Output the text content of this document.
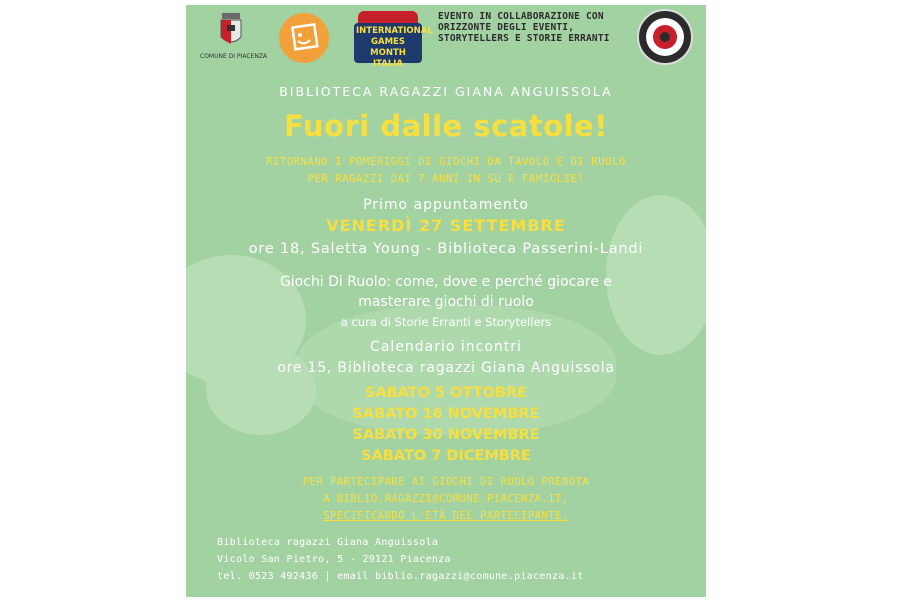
COMUNE DI PIACENZA
INTERNATIONAL GAMES MONTH ITALIA
EVENTO IN COLLABORAZIONE CON ORIZZONTE DEGLI EVENTI, STORYTELLERS E STORIE ERRANTI
BIBLIOTECA RAGAZZI GIANA ANGUISSOLA
Fuori dalle scatole!
RITORNANO I POMERIGGI DI GIOCHI DA TAVOLO E DI RUOLO
PER RAGAZZI DAI 7 ANNI IN SU E FAMIGLIE!
Primo appuntamento
VENERDÌ 27 SETTEMBRE
ore 18, Saletta Young - Biblioteca Passerini-Landi
Giochi Di Ruolo: come, dove e perché giocare e
masterare giochi di ruolo
a cura di Storie Erranti e Storytellers
Calendario incontri
ore 15, Biblioteca ragazzi Giana Anguissola
SABATO 5 OTTOBRE
SABATO 16 NOVEMBRE
SABATO 30 NOVEMBRE
SABATO 7 DICEMBRE
PER PARTECIPARE AI GIOCHI DI RUOLO PRENOTA
A BIBLIO.RAGAZZI@COMUNE.PIACENZA.IT,
SPECIFICANDO L'ETÀ DEL PARTECIPANTE.
Biblioteca ragazzi Giana Anguissola
Vicolo San Pietro, 5 - 29121 Piacenza
tel. 0523 492436 | email biblio.ragazzi@comune.piacenza.it
